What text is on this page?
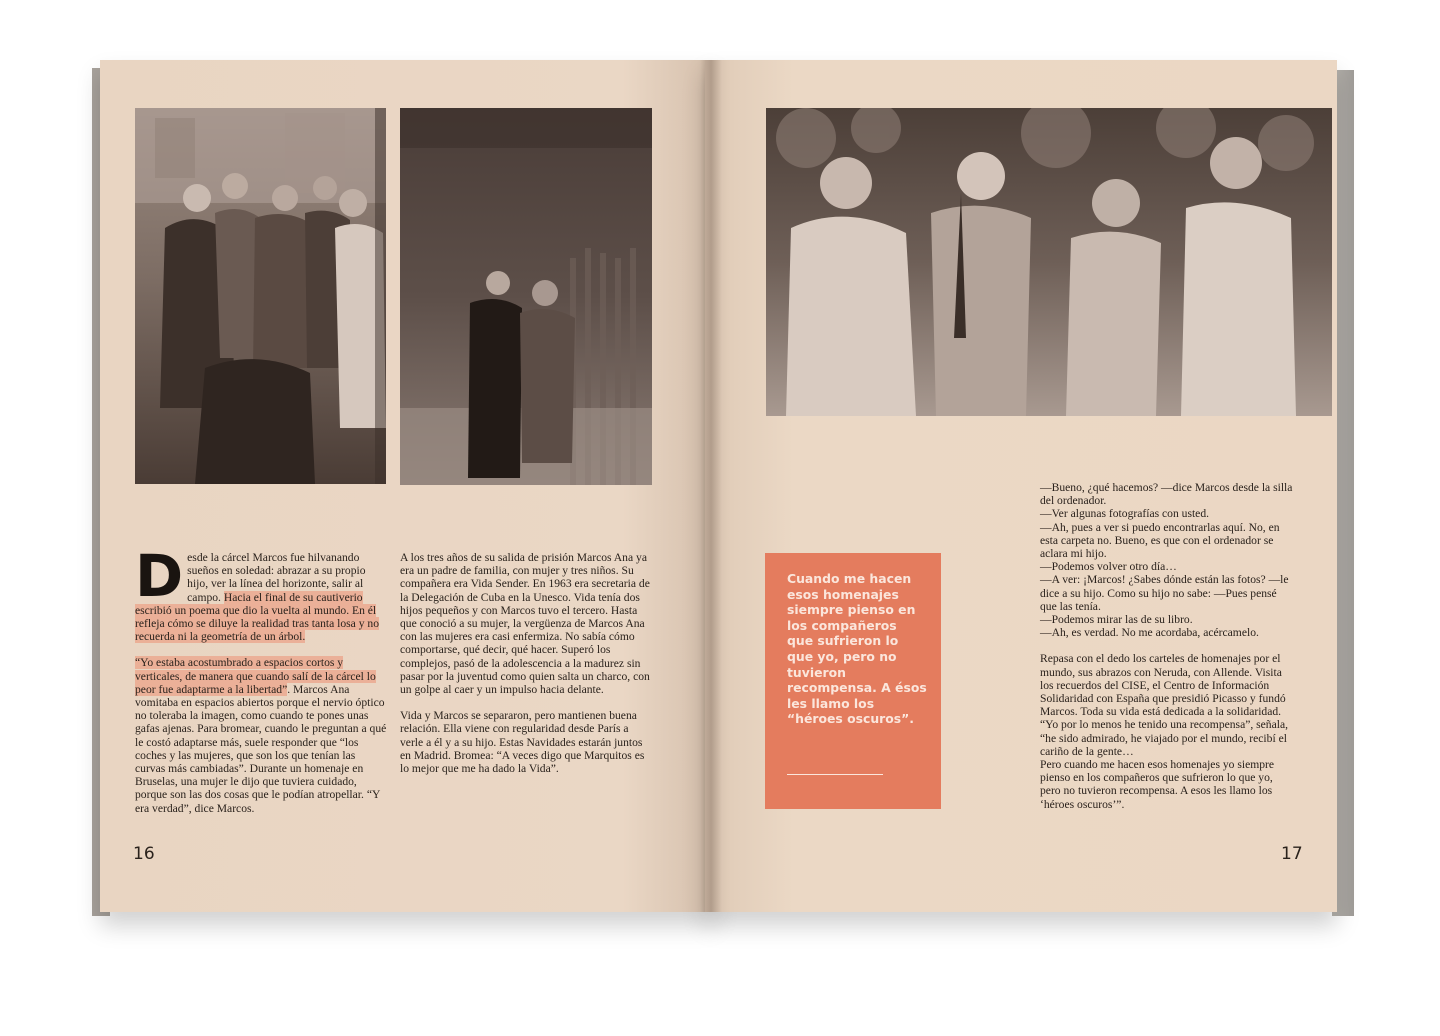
Desde la cárcel Marcos fue hilvanando sueños en soledad: abrazar a su propio hijo, ver la línea del horizonte, salir al campo. Hacia el final de su cautiverio escribió un poema que dio la vuelta al mundo. En él refleja cómo se diluye la realidad tras tanta losa y no recuerda ni la geometría de un árbol.

“Yo estaba acostumbrado a espacios cortos y verticales, de manera que cuando salí de la cárcel lo peor fue adaptarme a la libertad”. Marcos Ana vomitaba en espacios abiertos porque el nervio óptico no toleraba la imagen, como cuando te pones unas gafas ajenas. Para bromear, cuando le preguntan a qué le costó adaptarse más, suele responder que “los coches y las mujeres, que son los que tenían las curvas más cambiadas”. Durante un homenaje en Bruselas, una mujer le dijo que tuviera cuidado, porque son las dos cosas que le podían atropellar. “Y era verdad”, dice Marcos.

A los tres años de su salida de prisión Marcos Ana ya era un padre de familia, con mujer y tres niños. Su compañera era Vida Sender. En 1963 era secretaria de la Delegación de Cuba en la Unesco. Vida tenía dos hijos pequeños y con Marcos tuvo el tercero. Hasta que conoció a su mujer, la vergüenza de Marcos Ana con las mujeres era casi enfermiza. No sabía cómo comportarse, qué decir, qué hacer. Superó los complejos, pasó de la adolescencia a la madurez sin pasar por la juventud como quien salta un charco, con un golpe al caer y un impulso hacia delante.

Vida y Marcos se separaron, pero mantienen buena relación. Ella viene con regularidad desde París a verle a él y a su hijo. Estas Navidades estarán juntos en Madrid. Bromea: “A veces digo que Marquitos es lo mejor que me ha dado la Vida”.

16
Cuando me hacen esos homenajes siempre pienso en los compañeros que sufrieron lo que yo, pero no tuvieron recompensa. A ésos les llamo los “héroes oscuros”.
—Bueno, ¿qué hacemos? —dice Marcos desde la silla del ordenador.
—Ver algunas fotografías con usted.
—Ah, pues a ver si puedo encontrarlas aquí. No, en esta carpeta no. Bueno, es que con el ordenador se aclara mi hijo.
—Podemos volver otro día…
—A ver: ¡Marcos! ¿Sabes dónde están las fotos? —le dice a su hijo. Como su hijo no sabe: —Pues pensé que las tenía.
—Podemos mirar las de su libro.
—Ah, es verdad. No me acordaba, acércamelo.
Repasa con el dedo los carteles de homenajes por el mundo, sus abrazos con Neruda, con Allende. Visita los recuerdos del CISE, el Centro de Información Solidaridad con España que presidió Picasso y fundó Marcos. Toda su vida está dedicada a la solidaridad. “Yo por lo menos he tenido una recompensa”, señala, “he sido admirado, he viajado por el mundo, recibí el cariño de la gente…
Pero cuando me hacen esos homenajes yo siempre pienso en los compañeros que sufrieron lo que yo, pero no tuvieron recompensa. A esos les llamo los ‘héroes oscuros’”.
17
